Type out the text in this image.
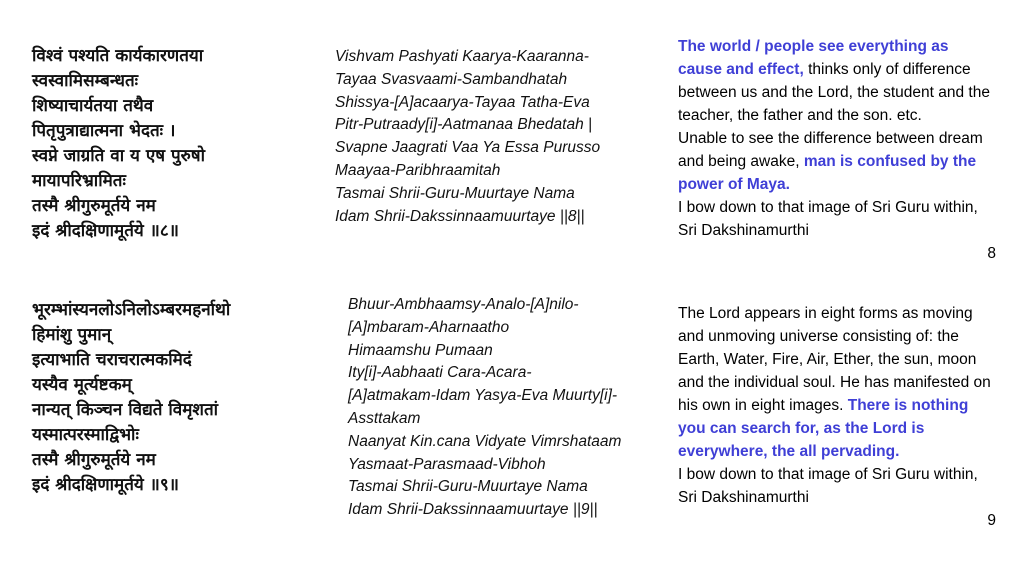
विश्वं पश्यति कार्यकारणतया
स्वस्वामिसम्बन्धतः
शिष्याचार्यतया तथैव
पितृपुत्राद्यात्मना भेदतः ।
स्वप्ने जाग्रति वा य एष पुरुषो
मायापरिभ्रामितः
तस्मै श्रीगुरुमूर्तये नम
इदं श्रीदक्षिणामूर्तये ॥८॥
Vishvam Pashyati Kaarya-Kaaranna-
Tayaa Svasvaami-Sambandhatah
Shissya-[A]acaarya-Tayaa Tatha-Eva
Pitr-Putraady[i]-Aatmanaa Bhedatah |
Svapne Jaagrati Vaa Ya Essa Purusso
Maayaa-Paribhraamitah
Tasmai Shrii-Guru-Muurtaye Nama
Idam Shrii-Dakssinnaamuurtaye ||8||
The world / people see everything as cause and effect, thinks only of difference between us and the Lord, the student and the teacher, the father and the son. etc.
Unable to see the difference between dream and being awake, man is confused by the power of Maya.
I bow down to that image of Sri Guru within, Sri Dakshinamurthi
8
भूरम्भांस्यनलोऽनिलोऽम्बरमहर्नाथो
हिमांशु पुमान्
इत्याभाति चराचरात्मकमिदं
यस्यैव मूर्त्यष्टकम्
नान्यत् किञ्चन विद्यते विमृशतां
यस्मात्परस्माद्विभोः
तस्मै श्रीगुरुमूर्तये नम
इदं श्रीदक्षिणामूर्तये ॥९॥
Bhuur-Ambhaamsy-Analo-[A]nilo-
[A]mbaram-Aharnaatho
Himaamshu Pumaan
Ity[i]-Aabhaati Cara-Acara-
[A]atmakam-Idam Yasya-Eva Muurty[i]-
Assttakam
Naanyat Kin.cana Vidyate Vimrshataam
Yasmaat-Parasmaad-Vibhoh
Tasmai Shrii-Guru-Muurtaye Nama
Idam Shrii-Dakssinnaamuurtaye ||9||
The Lord appears in eight forms as moving and unmoving universe consisting of: the Earth, Water, Fire, Air, Ether, the sun, moon and the individual soul. He has manifested on his own in eight images. There is nothing you can search for, as the Lord is everywhere, the all pervading.
I bow down to that image of Sri Guru within, Sri Dakshinamurthi
9
